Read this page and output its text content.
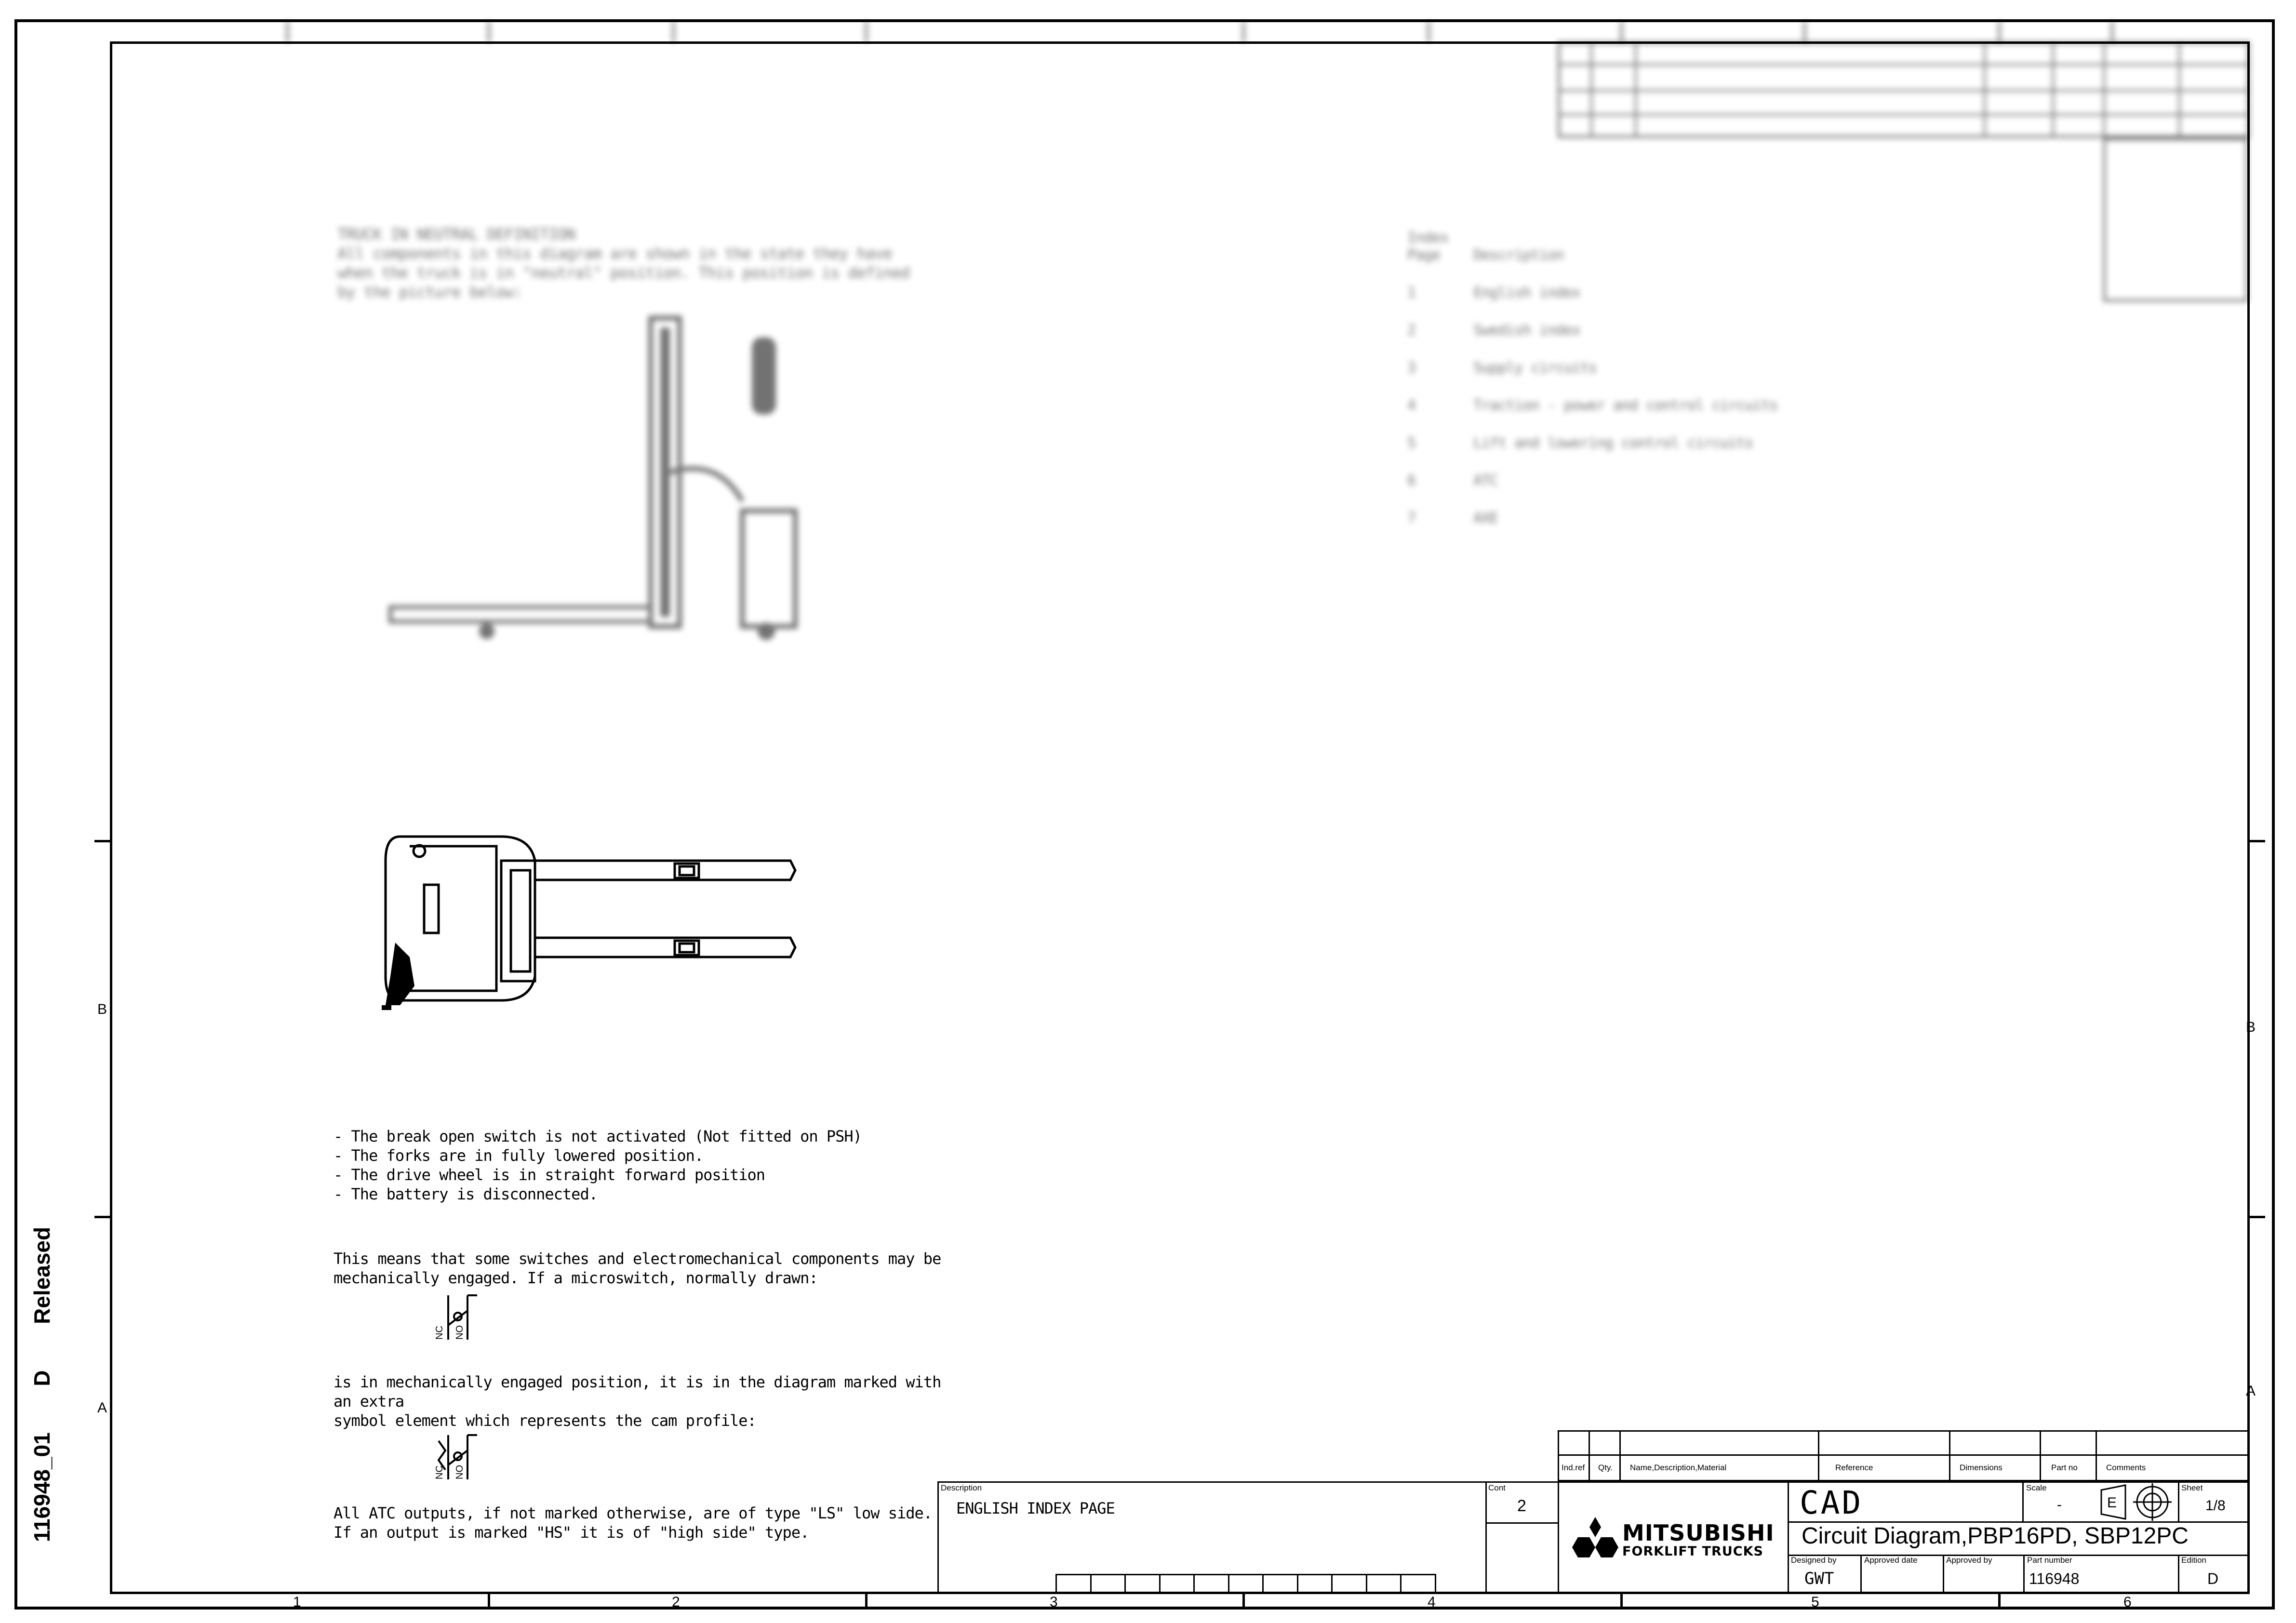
116948_01  D  Released
B
A
B
A
1	2	3	4	5	6
TRUCK IN NEUTRAL DEFINITION
All components in this diagram are shown in the state they have when the truck is in "neutral" position. This position is defined by the picture below:
Index
Page Description
1	English index
2	Swedish index
3	Supply circuits
4	Traction - power and control circuits
5	Lift and lowering control circuits
6	ATC
7	AXE
- The break open switch is not activated (Not fitted on PSH)
- The forks are in fully lowered position.
- The drive wheel is in straight forward position
- The battery is disconnected.
This means that some switches and electromechanical components may be
mechanically engaged. If a microswitch, normally drawn:
NC NO
is in mechanically engaged position, it is in the diagram marked with an extra
symbol element which represents the cam profile:
NC NO
All ATC outputs, if not marked otherwise, are of type "LS" low side.
If an output is marked "HS" it is of "high side" type.
Ind.ref Qty. Name,Description,Material	Reference	Dimensions	Part no	Comments
Description
ENGLISH INDEX PAGE
Cont
2
MITSUBISHI
FORKLIFT TRUCKS
CAD	Scale
-	E
Sheet
1/8
Circuit Diagram,PBP16PD, SBP12PC
Designed by
GWT
Approved date	Approved by	Part number
116948
Edition
D
